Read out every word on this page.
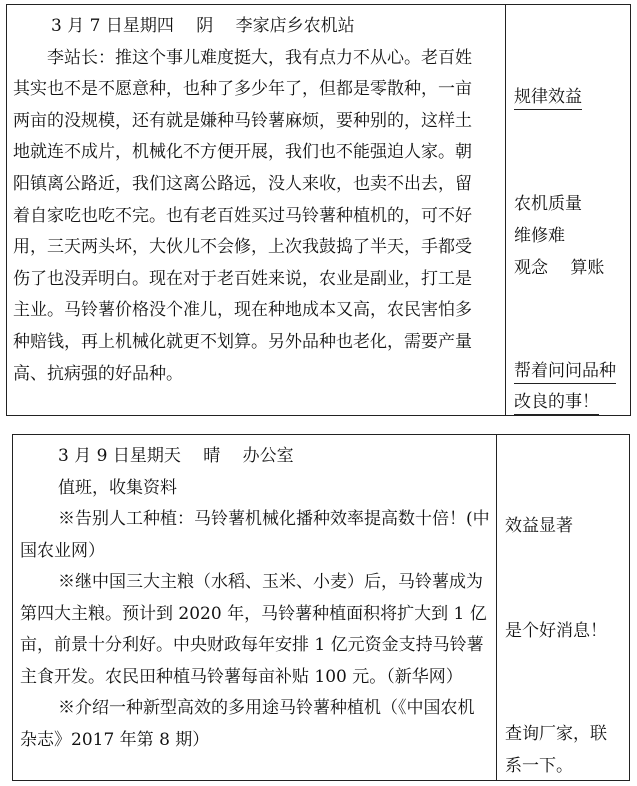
3 月 7 日星期四　 阴　 李家店乡农机站
李站长：推这个事儿难度挺大，我有点力不从心。老百姓
其实也不是不愿意种，也种了多少年了，但都是零散种，一亩
两亩的没规模，还有就是嫌种马铃薯麻烦，要种别的，这样土
地就连不成片，机械化不方便开展，我们也不能强迫人家。朝
阳镇离公路近，我们这离公路远，没人来收，也卖不出去，留
着自家吃也吃不完。也有老百姓买过马铃薯种植机的，可不好
用，三天两头坏，大伙儿不会修，上次我鼓捣了半天，手都受
伤了也没弄明白。现在对于老百姓来说，农业是副业，打工是
主业。马铃薯价格没个准儿，现在种地成本又高，农民害怕多
种赔钱，再上机械化就更不划算。另外品种也老化，需要产量
高、抗病强的好品种。
规律效益
农机质量
维修难
观念　 算账
帮着问问品种
改良的事！
3 月 9 日星期天　 晴　 办公室
值班，收集资料
※告别人工种植：马铃薯机械化播种效率提高数十倍！(中
国农业网）
※继中国三大主粮（水稻、玉米、小麦）后，马铃薯成为
第四大主粮。预计到 2020 年，马铃薯种植面积将扩大到 1 亿
亩，前景十分利好。中央财政每年安排 1 亿元资金支持马铃薯
主食开发。农民田种植马铃薯每亩补贴 100 元。（新华网）
※介绍一种新型高效的多用途马铃薯种植机（《中国农机
杂志》2017 年第 8 期）
效益显著
是个好消息！
查询厂家，联
系一下。
